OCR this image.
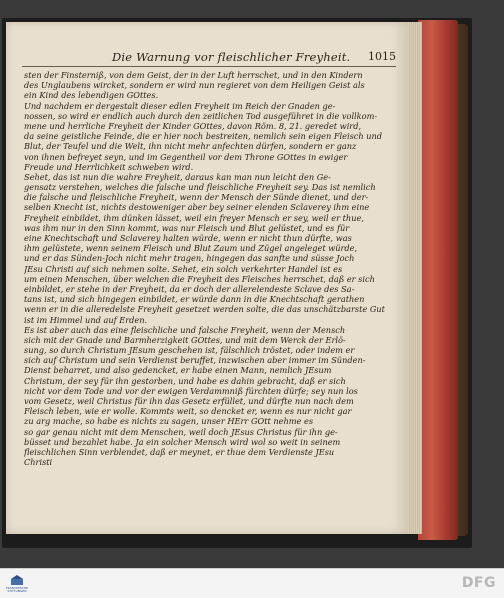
Die Warnung vor fleischlicher Freyheit. 1015
sten der Finsterniß, von dem Geist, der in der Luft herrschet, und in den Kindern
des Unglaubens wircket, sondern er wird nun regieret von dem Heiligen Geist als
ein Kind des lebendigen GOttes.
Und nachdem er dergestalt dieser edlen Freyheit im Reich der Gnaden ge-
nossen, so wird er endlich auch durch den zeitlichen Tod ausgeführet in die vollkom-
mene und herrliche Freyheit der Kinder GOttes, davon Röm. 8, 21. geredet wird,
da seine geistliche Feinde, die er hier noch bestreiten, nemlich sein eigen Fleisch und
Blut, der Teufel und die Welt, ihn nicht mehr anfechten dürfen, sondern er ganz
von ihnen befreyet seyn, und im Gegentheil vor dem Throne GOttes in ewiger
Freude und Herrlichkeit schweben wird.
Sehet, das ist nun die wahre Freyheit, daraus kan man nun leicht den Ge-
gensatz verstehen, welches die falsche und fleischliche Freyheit sey. Das ist nemlich
die falsche und fleischliche Freyheit, wenn der Mensch der Sünde dienet, und der-
selben Knecht ist, nichts destoweniger aber bey seiner elenden Sclaverey ihm eine
Freyheit einbildet, ihm dünken lässet, weil ein freyer Mensch er sey, weil er thue,
was ihm nur in den Sinn kommt, was nur Fleisch und Blut gelüstet, und es für
eine Knechtschaft und Sclaverey halten würde, wenn er nicht thun dürfte, was
ihm gelüstete, wenn seinem Fleisch und Blut Zaum und Zügel angeleget würde,
und er das Sünden-Joch nicht mehr tragen, hingegen das sanfte und süsse Joch
JEsu Christi auf sich nehmen solte. Sehet, ein solch verkehrter Handel ist es
um einen Menschen, über welchen die Freyheit des Fleisches herrschet, daß er sich
einbildet, er stehe in der Freyheit, da er doch der allerelendeste Sclave des Sa-
tans ist, und sich hingegen einbildet, er würde dann in die Knechtschaft gerathen
wenn er in die alleredelste Freyheit gesetzet werden solte, die das unschätzbarste Gut
ist im Himmel und auf Erden.
Es ist aber auch das eine fleischliche und falsche Freyheit, wenn der Mensch
sich mit der Gnade und Barmherzigkeit GOttes, und mit dem Werck der Erlö-
sung, so durch Christum JEsum geschehen ist, fälschlich tröstet, oder indem er
sich auf Christum und sein Verdienst beruffet, inzwischen aber immer im Sünden-
Dienst beharret, und also gedencket, er habe einen Mann, nemlich JEsum
Christum, der sey für ihn gestorben, und habe es dahin gebracht, daß er sich
nicht vor dem Tode und vor der ewigen Verdammniß fürchten dürfe; sey nun los
vom Gesetz, weil Christus für ihn das Gesetz erfüllet, und dürfte nun nach dem
Fleisch leben, wie er wolle. Kommts weit, so dencket er, wenn es nur nicht gar
zu arg mache, so habe es nichts zu sagen, unser HErr GOtt nehme es
so gar genau nicht mit dem Menschen, weil doch JEsus Christus für ihn ge-
büsset und bezahlet habe. Ja ein solcher Mensch wird wol so weit in seinem
fleischlichen Sinn verblendet, daß er meynet, er thue dem Verdienste JEsu
Christi
FRANCKESCHE STIFTUNGEN	DFG
